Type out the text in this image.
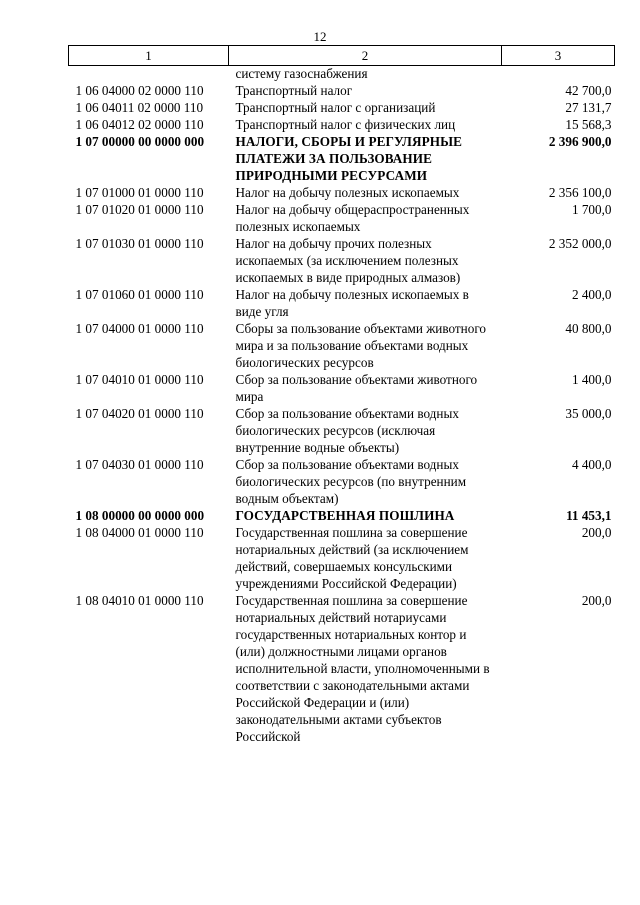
12
1	2	3
	систему газоснабжения	
1 06 04000 02 0000 110	Транспортный налог	42 700,0
1 06 04011 02 0000 110	Транспортный налог с организаций	27 131,7
1 06 04012 02 0000 110	Транспортный налог с физических лиц	15 568,3
1 07 00000 00 0000 000	НАЛОГИ, СБОРЫ И РЕГУЛЯРНЫЕ ПЛАТЕЖИ ЗА ПОЛЬЗОВАНИЕ ПРИРОДНЫМИ РЕСУРСАМИ	2 396 900,0
1 07 01000 01 0000 110	Налог на добычу полезных ископаемых	2 356 100,0
1 07 01020 01 0000 110	Налог на добычу общераспространенных полезных ископаемых	1 700,0
1 07 01030 01 0000 110	Налог на добычу прочих полезных ископаемых (за исключением полезных ископаемых в виде природных алмазов)	2 352 000,0
1 07 01060 01 0000 110	Налог на добычу полезных ископаемых в виде угля	2 400,0
1 07 04000 01 0000 110	Сборы за пользование объектами животного мира и за пользование объектами водных биологических ресурсов	40 800,0
1 07 04010 01 0000 110	Сбор за пользование объектами животного мира	1 400,0
1 07 04020 01 0000 110	Сбор за пользование объектами водных биологических ресурсов (исключая внутренние водные объекты)	35 000,0
1 07 04030 01 0000 110	Сбор за пользование объектами водных биологических ресурсов (по внутренним водным объектам)	4 400,0
1 08 00000 00 0000 000	ГОСУДАРСТВЕННАЯ ПОШЛИНА	11 453,1
1 08 04000 01 0000 110	Государственная пошлина за совершение нотариальных действий (за исключением действий, совершаемых консульскими учреждениями Российской Федерации)	200,0
1 08 04010 01 0000 110	Государственная пошлина за совершение нотариальных действий нотариусами государственных нотариальных контор и (или) должностными лицами органов исполнительной власти, уполномоченными в соответствии с законодательными актами Российской Федерации и (или) законодательными актами субъектов Российской	200,0
